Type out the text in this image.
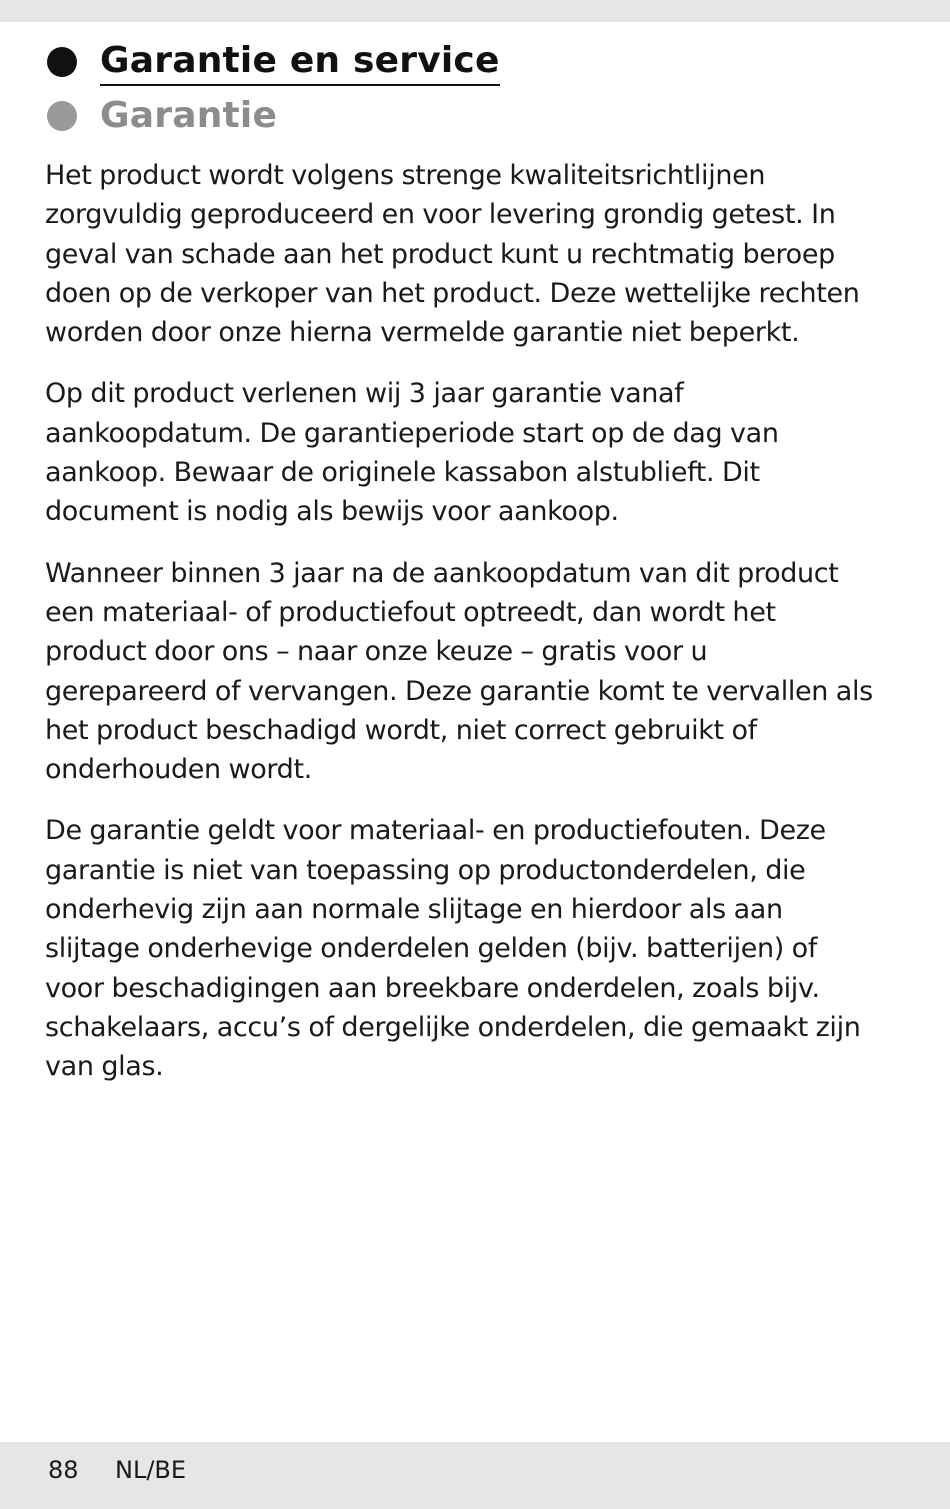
Garantie en service
Garantie

Het product wordt volgens strenge kwaliteitsrichtlijnen zorgvuldig geproduceerd en voor levering grondig getest. In geval van schade aan het product kunt u rechtmatig beroep doen op de verkoper van het product. Deze wettelijke rechten worden door onze hierna vermelde garantie niet beperkt.

Op dit product verlenen wij 3 jaar garantie vanaf aankoopdatum. De garantieperiode start op de dag van aankoop. Bewaar de originele kassabon alstublieft. Dit document is nodig als bewijs voor aankoop.

Wanneer binnen 3 jaar na de aankoopdatum van dit product een materiaal- of productiefout optreedt, dan wordt het product door ons – naar onze keuze – gratis voor u gerepareerd of vervangen. Deze garantie komt te vervallen als het product beschadigd wordt, niet correct gebruikt of onderhouden wordt.

De garantie geldt voor materiaal- en productiefouten. Deze garantie is niet van toepassing op productonderdelen, die onderhevig zijn aan normale slijtage en hierdoor als aan slijtage onderhevige onderdelen gelden (bijv. batterijen) of voor beschadigingen aan breekbare onderdelen, zoals bijv. schakelaars, accu’s of dergelijke onderdelen, die gemaakt zijn van glas.

88 NL/BE
